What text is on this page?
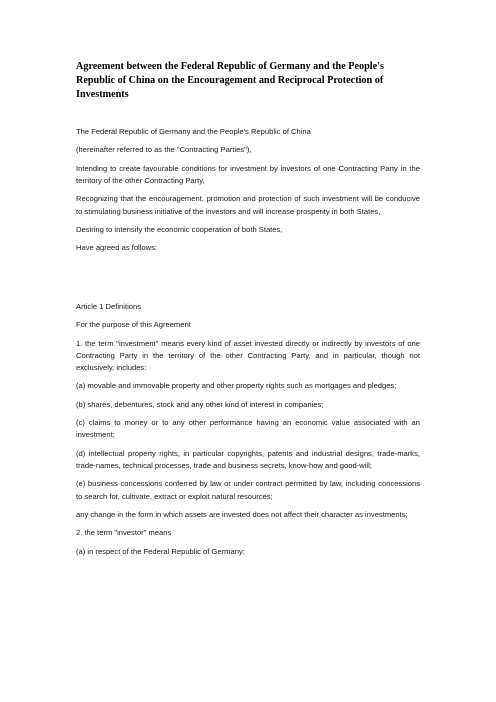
Agreement between the Federal Republic of Germany and the People's Republic of China on the Encouragement and Reciprocal Protection of Investments

The Federal Republic of Germany and the People's Republic of China

(hereinafter referred to as the "Contracting Parties"),

Intending to create favourable conditions for investment by investors of one Contracting Party in the territory of the other Contracting Party,

Recognizing that the encouragement, promotion and protection of such investment will be conducive to stimulating business initiative of the investors and will increase prosperity in both States,

Desiring to intensify the economic cooperation of both States,

Have agreed as follows:

Article 1 Definitions

For the purpose of this Agreement

1. the term "investment" means every kind of asset invested directly or indirectly by investors of one Contracting Party in the territory of the other Contracting Party, and in particular, though not exclusively, includes:

(a) movable and immovable property and other property rights such as mortgages and pledges;

(b) shares, debentures, stock and any other kind of interest in companies;

(c) claims to money or to any other performance having an economic value associated with an investment;

(d) intellectual property rights, in particular copyrights, patents and industrial designs, trade-marks, trade-names, technical processes, trade and business secrets, know-how and good-will;

(e) business concessions conferred by law or under contract permitted by law, including concessions to search for, cultivate, extract or exploit natural resources;

any change in the form in which assets are invested does not affect their character as investments;

2. the term "investor" means

(a) in respect of the Federal Republic of Germany:
